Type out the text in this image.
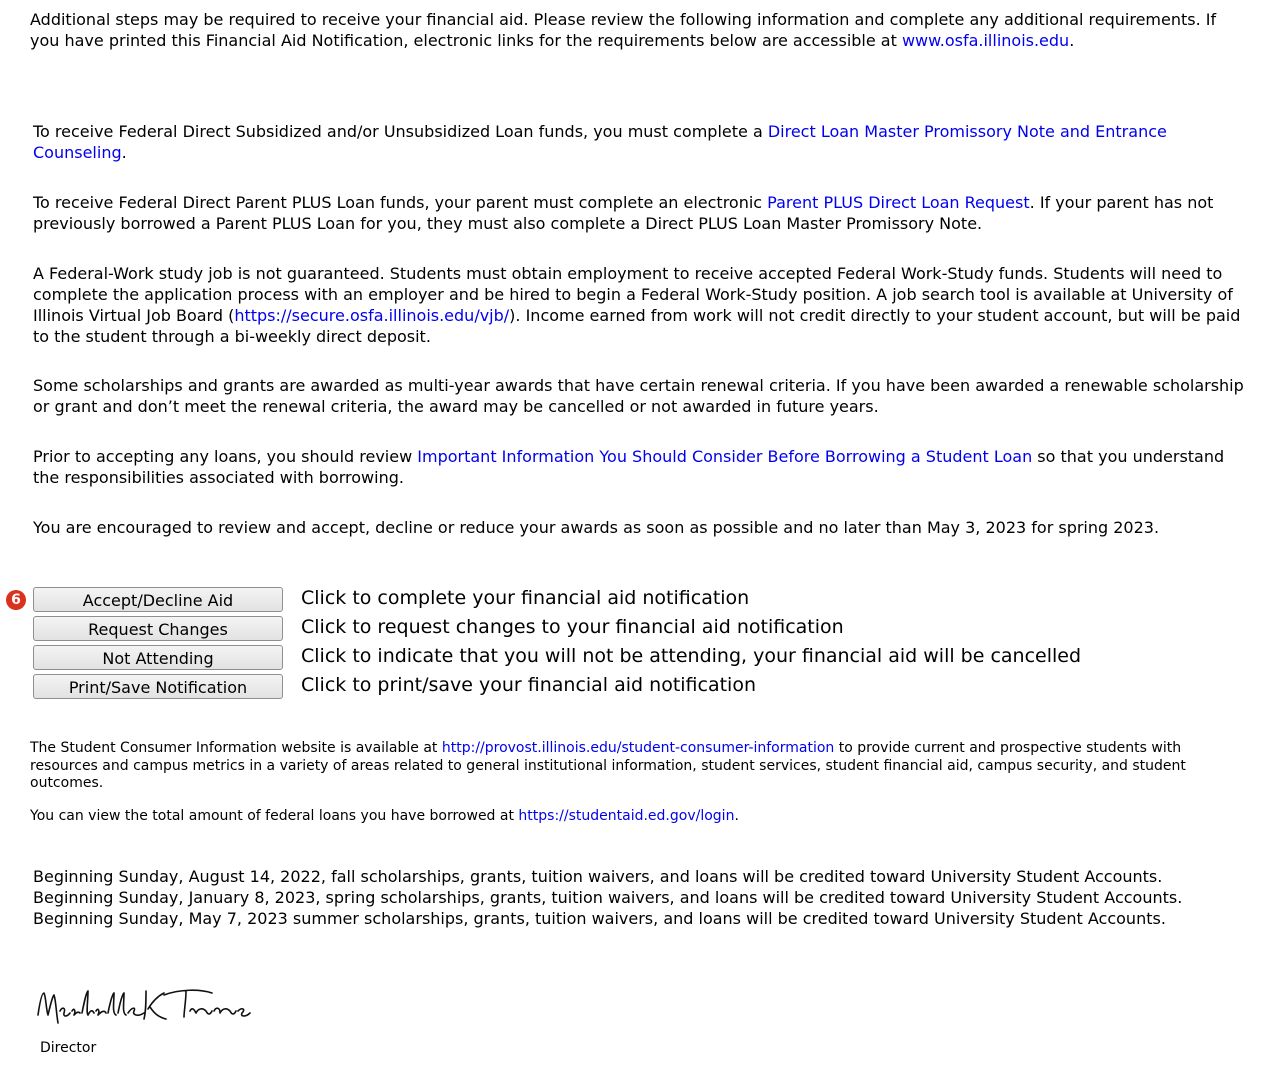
Additional steps may be required to receive your financial aid. Please review the following information and complete any additional requirements. If you have printed this Financial Aid Notification, electronic links for the requirements below are accessible at www.osfa.illinois.edu.

To receive Federal Direct Subsidized and/or Unsubsidized Loan funds, you must complete a Direct Loan Master Promissory Note and Entrance Counseling.

To receive Federal Direct Parent PLUS Loan funds, your parent must complete an electronic Parent PLUS Direct Loan Request. If your parent has not previously borrowed a Parent PLUS Loan for you, they must also complete a Direct PLUS Loan Master Promissory Note.

A Federal-Work study job is not guaranteed. Students must obtain employment to receive accepted Federal Work-Study funds. Students will need to complete the application process with an employer and be hired to begin a Federal Work-Study position. A job search tool is available at University of Illinois Virtual Job Board (https://secure.osfa.illinois.edu/vjb/). Income earned from work will not credit directly to your student account, but will be paid to the student through a bi-weekly direct deposit.

Some scholarships and grants are awarded as multi-year awards that have certain renewal criteria. If you have been awarded a renewable scholarship or grant and don’t meet the renewal criteria, the award may be cancelled or not awarded in future years.

Prior to accepting any loans, you should review Important Information You Should Consider Before Borrowing a Student Loan so that you understand the responsibilities associated with borrowing.

You are encouraged to review and accept, decline or reduce your awards as soon as possible and no later than May 3, 2023 for spring 2023.

6	Accept/Decline Aid	Click to complete your financial aid notification
Request Changes	Click to request changes to your financial aid notification
Not Attending	Click to indicate that you will not be attending, your financial aid will be cancelled
Print/Save Notification	Click to print/save your financial aid notification

The Student Consumer Information website is available at http://provost.illinois.edu/student-consumer-information to provide current and prospective students with resources and campus metrics in a variety of areas related to general institutional information, student services, student financial aid, campus security, and student outcomes.

You can view the total amount of federal loans you have borrowed at https://studentaid.ed.gov/login.

Beginning Sunday, August 14, 2022, fall scholarships, grants, tuition waivers, and loans will be credited toward University Student Accounts. Beginning Sunday, January 8, 2023, spring scholarships, grants, tuition waivers, and loans will be credited toward University Student Accounts. Beginning Sunday, May 7, 2023 summer scholarships, grants, tuition waivers, and loans will be credited toward University Student Accounts.

Director
